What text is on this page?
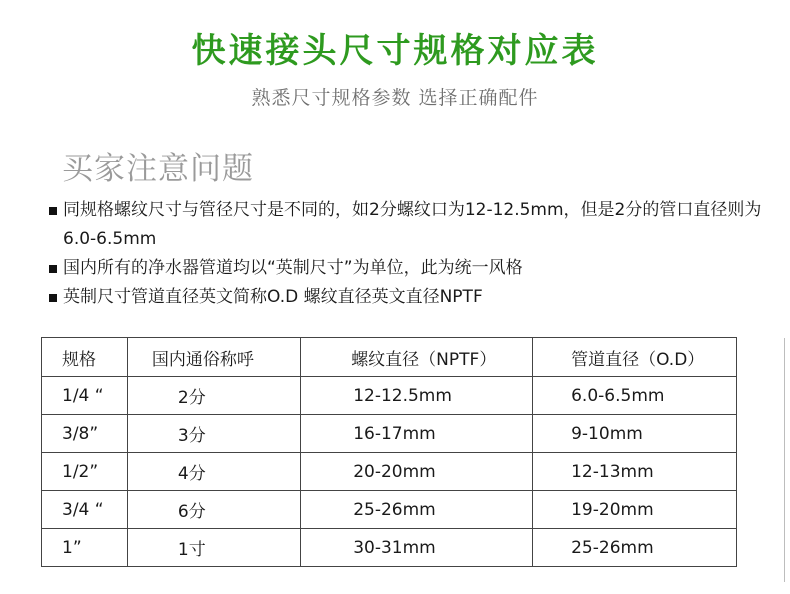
快速接头尺寸规格对应表
熟悉尺寸规格参数 选择正确配件
买家注意问题
同规格螺纹尺寸与管径尺寸是不同的，如2分螺纹口为12-12.5mm，但是2分的管口直径则为6.0-6.5mm
国内所有的净水器管道均以“英制尺寸”为单位，此为统一风格
英制尺寸管道直径英文简称O.D 螺纹直径英文直径NPTF
规格	国内通俗称呼	螺纹直径（NPTF）	管道直径（O.D）
1/4 “	2分	12-12.5mm	6.0-6.5mm
3/8”	3分	16-17mm	9-10mm
1/2”	4分	20-20mm	12-13mm
3/4 “	6分	25-26mm	19-20mm
1”	1寸	30-31mm	25-26mm
